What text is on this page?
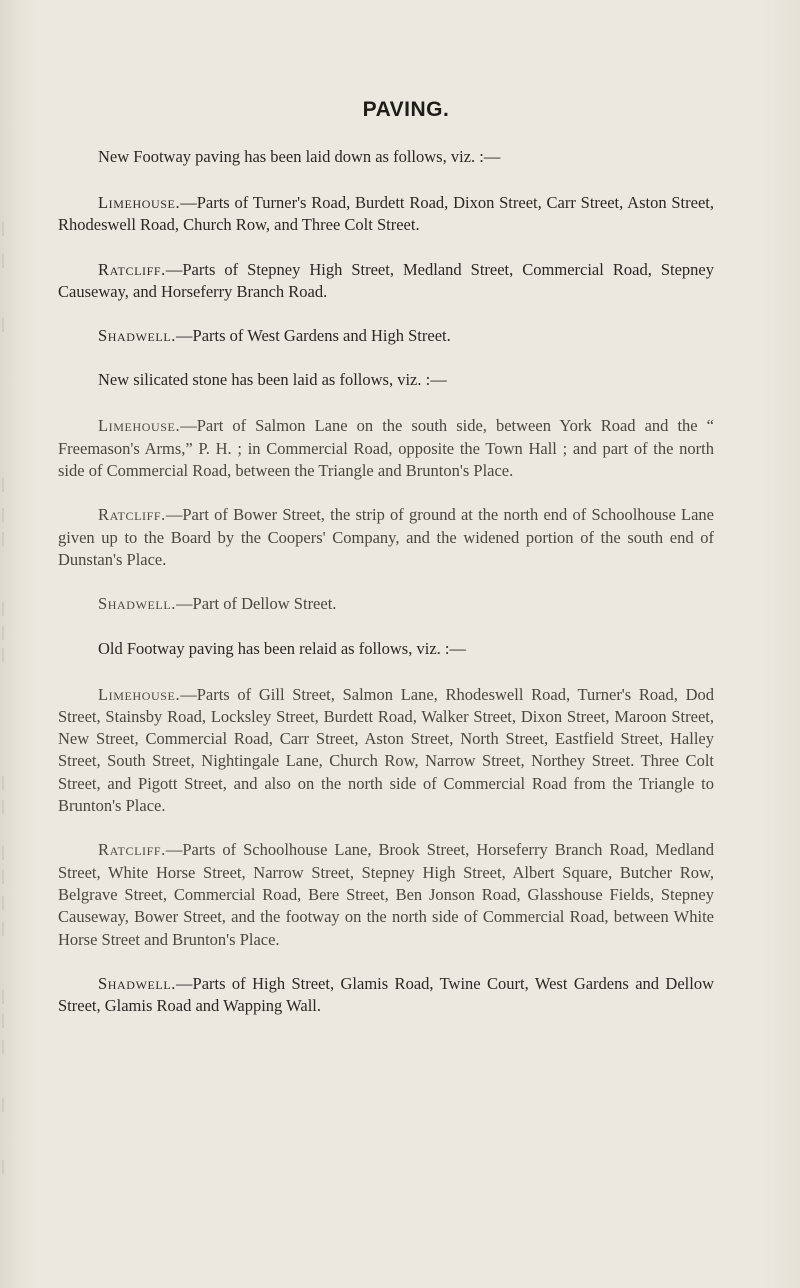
PAVING.

New Footway paving has been laid down as follows, viz. :—

Limehouse.—Parts of Turner's Road, Burdett Road, Dixon Street, Carr Street, Aston Street, Rhodeswell Road, Church Row, and Three Colt Street.

Ratcliff.—Parts of Stepney High Street, Medland Street, Commercial Road, Stepney Causeway, and Horseferry Branch Road.

Shadwell.—Parts of West Gardens and High Street.

New silicated stone has been laid as follows, viz. :—

Limehouse.—Part of Salmon Lane on the south side, between York Road and the “ Freemason's Arms,” P. H. ; in Commercial Road, opposite the Town Hall ; and part of the north side of Commercial Road, between the Triangle and Brunton's Place.

Ratcliff.—Part of Bower Street, the strip of ground at the north end of Schoolhouse Lane given up to the Board by the Coopers' Company, and the widened portion of the south end of Dunstan's Place.

Shadwell.—Part of Dellow Street.

Old Footway paving has been relaid as follows, viz. :—

Limehouse.—Parts of Gill Street, Salmon Lane, Rhodeswell Road, Turner's Road, Dod Street, Stainsby Road, Locksley Street, Burdett Road, Walker Street, Dixon Street, Maroon Street, New Street, Commercial Road, Carr Street, Aston Street, North Street, Eastfield Street, Halley Street, South Street, Nightingale Lane, Church Row, Narrow Street, Northey Street. Three Colt Street, and Pigott Street, and also on the north side of Commercial Road from the Triangle to Brunton's Place.

Ratcliff.—Parts of Schoolhouse Lane, Brook Street, Horseferry Branch Road, Medland Street, White Horse Street, Narrow Street, Stepney High Street, Albert Square, Butcher Row, Belgrave Street, Commercial Road, Bere Street, Ben Jonson Road, Glasshouse Fields, Stepney Causeway, Bower Street, and the footway on the north side of Commercial Road, between White Horse Street and Brunton's Place.

Shadwell.—Parts of High Street, Glamis Road, Twine Court, West Gardens and Dellow Street, Glamis Road and Wapping Wall.
